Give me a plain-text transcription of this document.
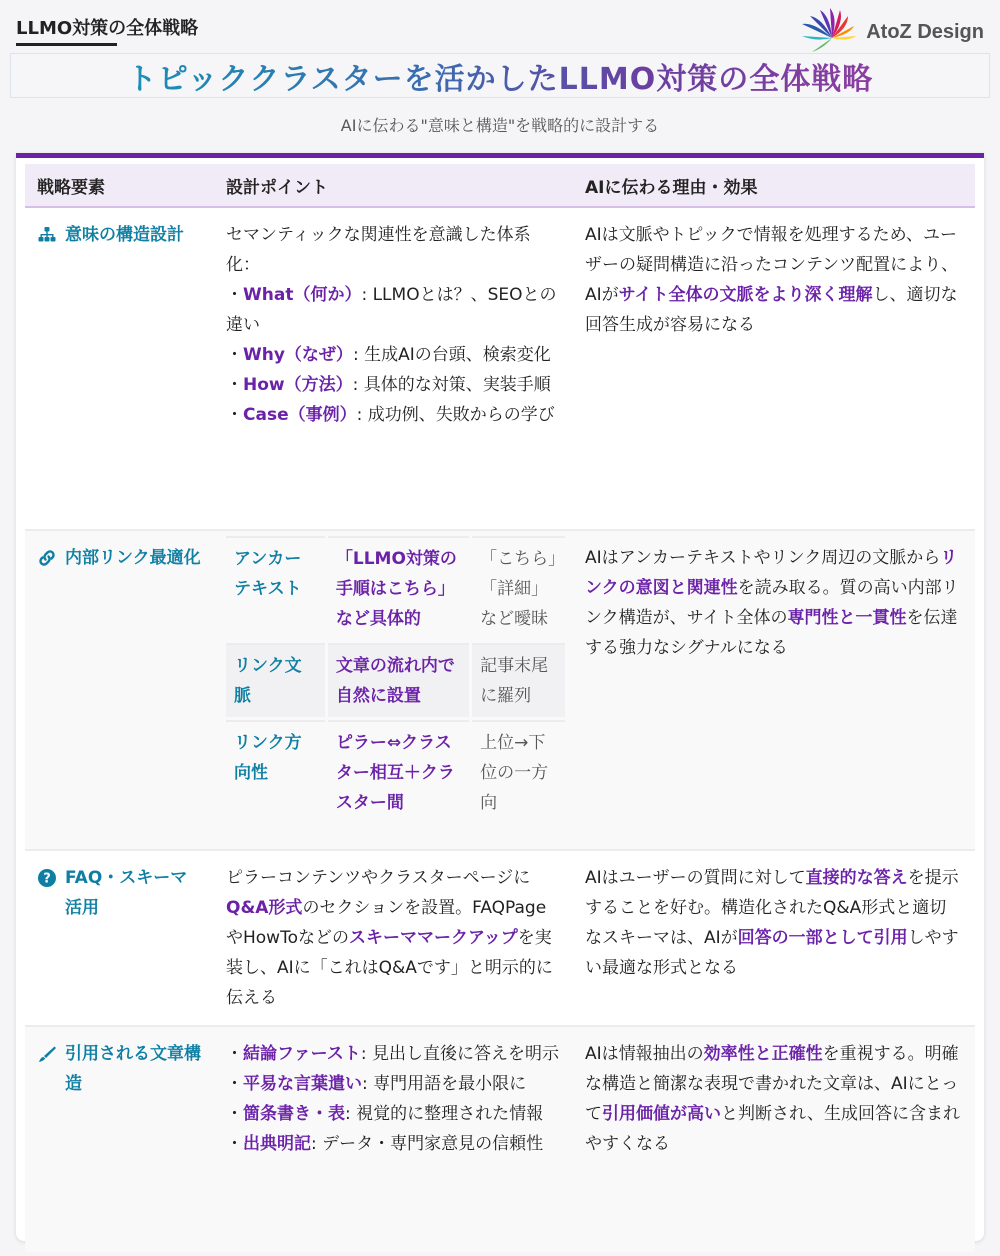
LLMO対策の全体戦略	AtoZ Design
トピッククラスターを活かしたLLMO対策の全体戦略
AIに伝わる"意味と構造"を戦略的に設計する
戦略要素	設計ポイント	AIに伝わる理由・効果

意味の構造設計	セマンティックな関連性を意識した体系化：
・What（何か）: LLMOとは？、SEOとの違い
・Why（なぜ）: 生成AIの台頭、検索変化
・How（方法）: 具体的な対策、実装手順
・Case（事例）: 成功例、失敗からの学び
	AIは文脈やトピックで情報を処理するため、ユーザーの疑問構造に沿ったコンテンツ配置により、AIがサイト全体の文脈をより深く理解し、適切な回答生成が容易になる

内部リンク最適化
	アンカーテキスト	「LLMO対策の手順はこちら」など具体的	「こちら」「詳細」など曖昧
リンク文脈	文章の流れ内で自然に設置	記事末尾に羅列
リンク方向性	ピラー⇔クラスター相互＋クラスター間	上位→下位の一方向
	AIはアンカーテキストやリンク周辺の文脈からリンクの意図と関連性を読み取る。質の高い内部リンク構造が、サイト全体の専門性と一貫性を伝達する強力なシグナルになる

? FAQ・スキーマ活用
	ピラーコンテンツやクラスターページにQ&A形式のセクションを設置。FAQPageやHowToなどのスキーママークアップを実装し、AIに「これはQ&Aです」と明示的に伝える	AIはユーザーの質問に対して直接的な答えを提示することを好む。構造化されたQ&A形式と適切なスキーマは、AIが回答の一部として引用しやすい最適な形式となる

引用される文章構造

・結論ファースト: 見出し直後に答えを明示
・平易な言葉遣い: 専門用語を最小限に
・箇条書き・表: 視覚的に整理された情報
・出典明記: データ・専門家意見の信頼性
	AIは情報抽出の効率性と正確性を重視する。明確な構造と簡潔な表現で書かれた文章は、AIにとって引用価値が高いと判断され、生成回答に含まれやすくなる
